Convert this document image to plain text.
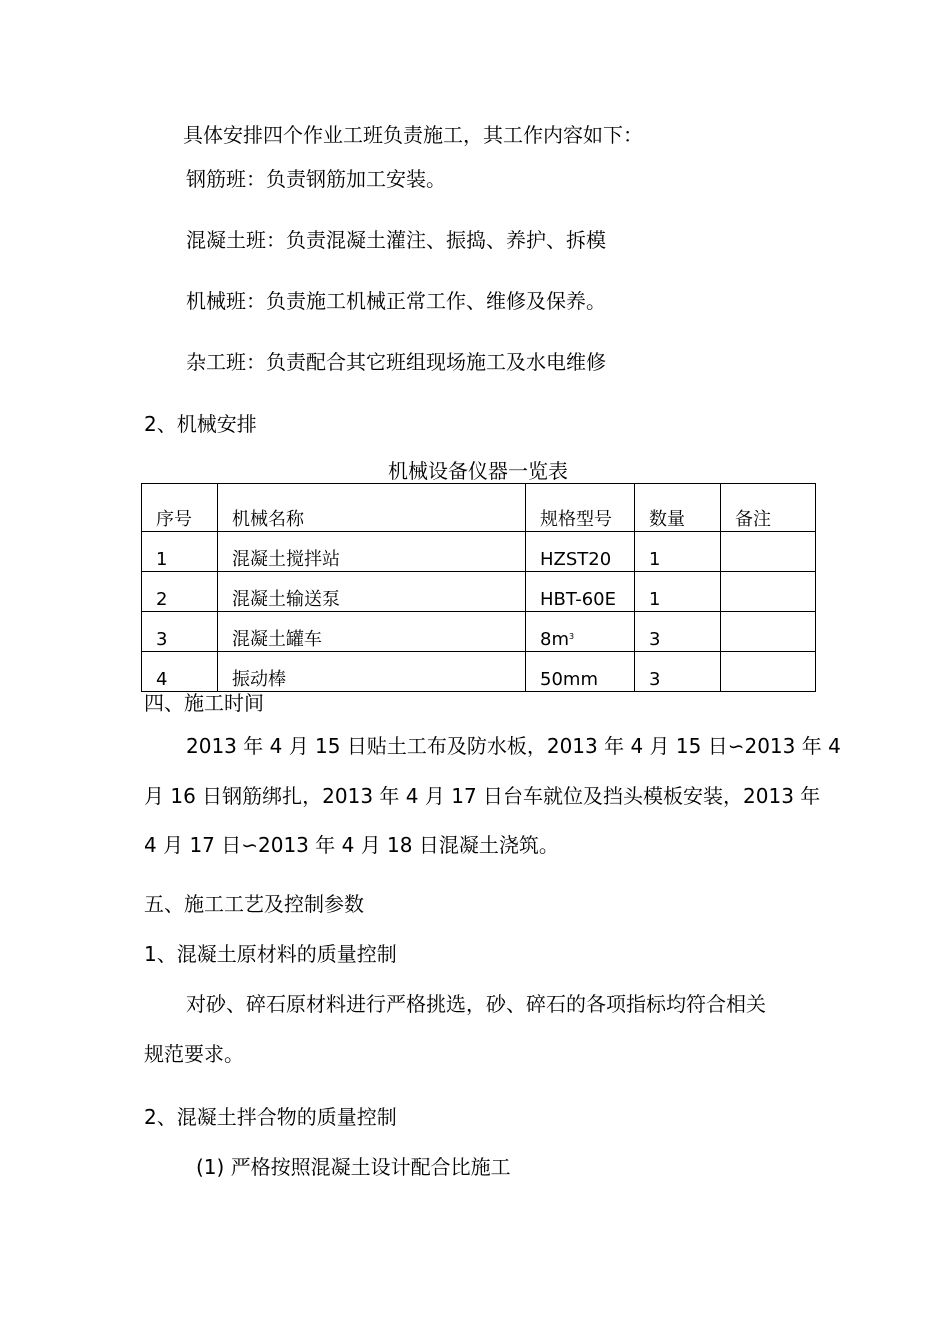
具体安排四个作业工班负责施工，其工作内容如下：

钢筋班：负责钢筋加工安装。

混凝土班：负责混凝土灌注、振捣、养护、拆模

机械班：负责施工机械正常工作、维修及保养。

杂工班：负责配合其它班组现场施工及水电维修

2、机械安排

机械设备仪器一览表

序号	机械名称	规格型号	数量	备注
1	混凝土搅拌站	HZST20	1	
2	混凝土输送泵	HBT-60E	1	
3	混凝土罐车	$8m^3$	3	
4	振动棒	50mm	3	

四、施工时间

2013 年 4 月 15 日贴土工布及防水板，2013 年 4 月 15 日∽2013 年 4

月 16 日钢筋绑扎，2013 年 4 月 17 日台车就位及挡头模板安装，2013 年

4 月 17 日∽2013 年 4 月 18 日混凝土浇筑。

五、施工工艺及控制参数

1、混凝土原材料的质量控制

对砂、碎石原材料进行严格挑选，砂、碎石的各项指标均符合相关

规范要求。

2、混凝土拌合物的质量控制

(1) 严格按照混凝土设计配合比施工
